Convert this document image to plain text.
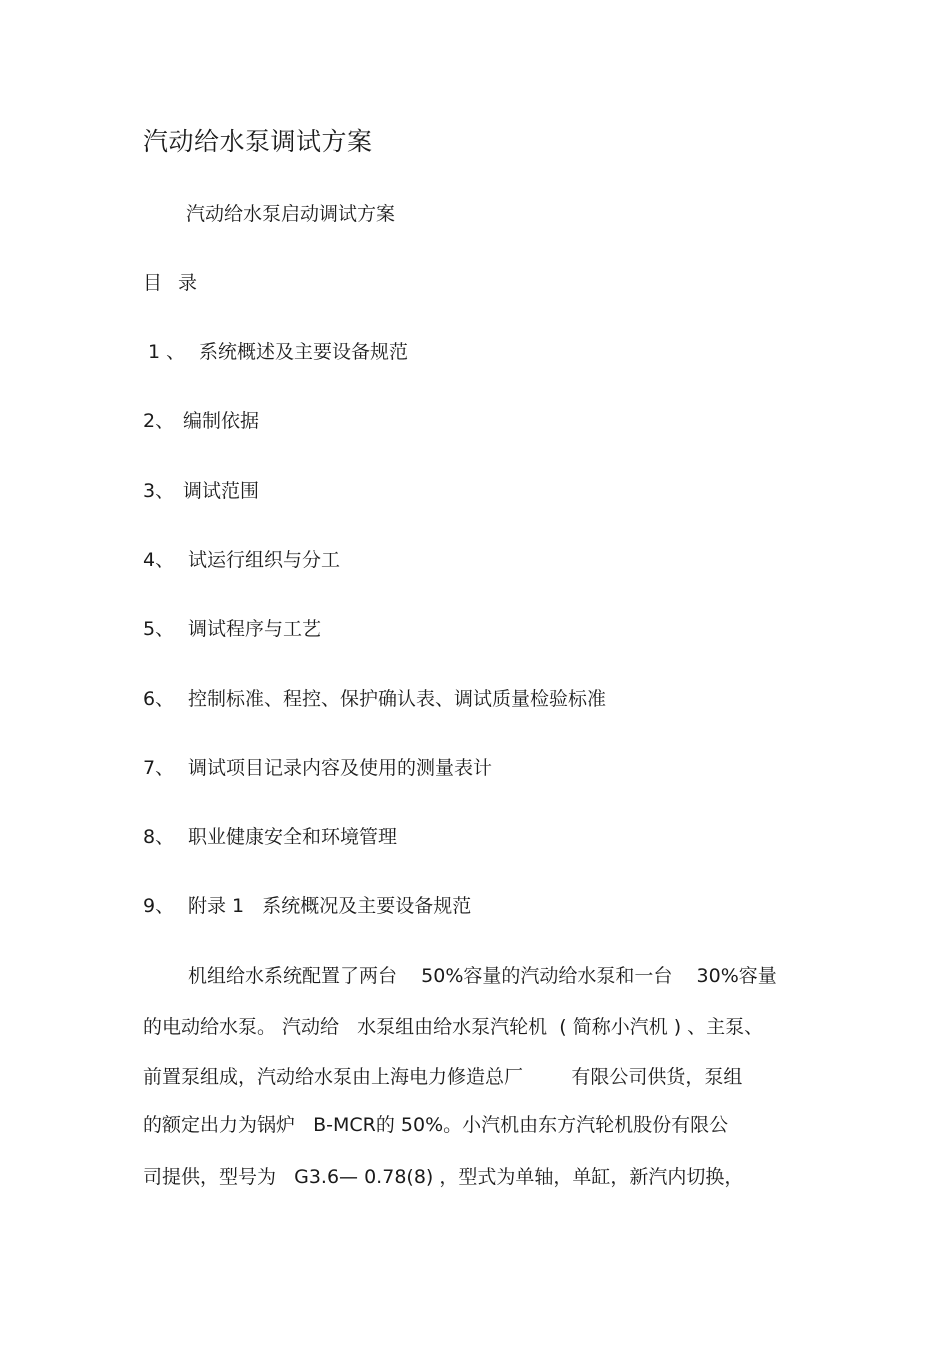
汽动给水泵调试方案
汽动给水泵启动调试方案
目 录
1 、 系统概述及主要设备规范
2、 编制依据
3、 调试范围
4、 试运行组织与分工
5、 调试程序与工艺
6、 控制标准、程控、保护确认表、调试质量检验标准
7、 调试项目记录内容及使用的测量表计
8、 职业健康安全和环境管理
9、 附录 1   系统概况及主要设备规范
机组给水系统配置了两台    50%容量的汽动给水泵和一台    30%容量
的电动给水泵。 汽动给   水泵组由给水泵汽轮机  ( 简称小汽机 ) 、主泵、
前置泵组成，汽动给水泵由上海电力修造总厂        有限公司供货，泵组
的额定出力为锅炉   B-MCR的 50%。小汽机由东方汽轮机股份有限公
司提供，型号为   G3.6— 0.78(8) ，型式为单轴，单缸，新汽内切换，
